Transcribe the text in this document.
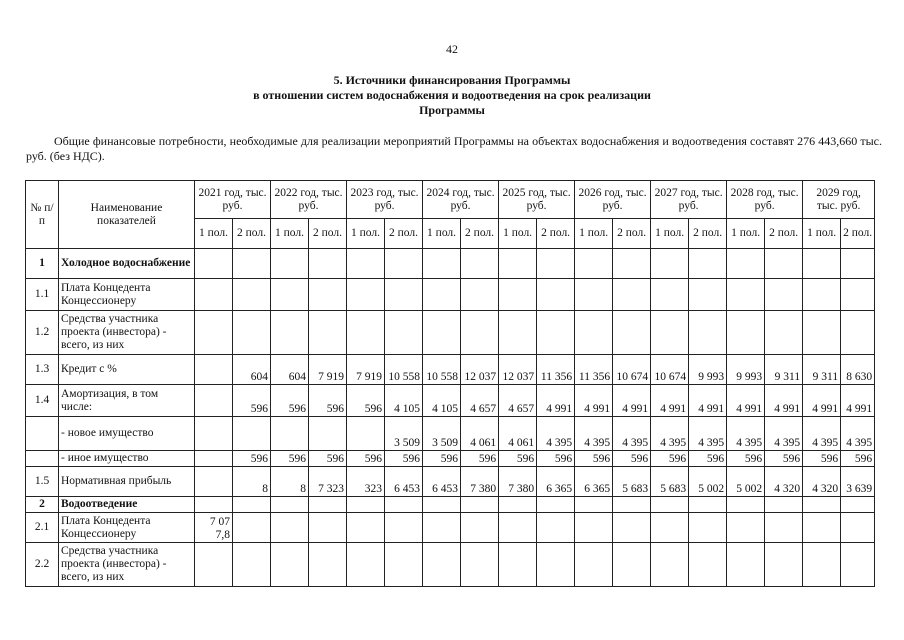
42
5. Источники финансирования Программы
в отношении систем водоснабжения и водоотведения на срок реализации
Программы
Общие финансовые потребности, необходимые для реализации мероприятий Программы на объектах водоснабжения и водоотведения составят 276 443,660 тыс. руб. (без НДС).
№ п/п	Наименование показателей	2021 год, тыс. руб.		2022 год, тыс. руб.		2023 год, тыс. руб.		2024 год, тыс. руб.		2025 год, тыс. руб.		2026 год, тыс. руб.		2027 год, тыс. руб.		2028 год, тыс. руб.		2029 год, тыс. руб.	
		1 пол.	2 пол.	1 пол.	2 пол.	1 пол.	2 пол.	1 пол.	2 пол.	1 пол.	2 пол.	1 пол.	2 пол.	1 пол.	2 пол.	1 пол.	2 пол.	1 пол.	2 пол.
1	Холодное водоснабжение																		
1.1	Плата Концедента Концессионеру																		
1.2	Средства участника проекта (инвестора) - всего, из них																		
1.3	Кредит с %		604	604	7 919	7 919	10 558	10 558	12 037	12 037	11 356	11 356	10 674	10 674	9 993	9 993	9 311	9 311	8 630
1.4	Амортизация, в том числе:		596	596	596	596	4 105	4 105	4 657	4 657	4 991	4 991	4 991	4 991	4 991	4 991	4 991	4 991	4 991
	- новое имущество						3 509	3 509	4 061	4 061	4 395	4 395	4 395	4 395	4 395	4 395	4 395	4 395	4 395
	- иное имущество		596	596	596	596	596	596	596	596	596	596	596	596	596	596	596	596	596
1.5	Нормативная прибыль		8	8	7 323	323	6 453	6 453	7 380	7 380	6 365	6 365	5 683	5 683	5 002	5 002	4 320	4 320	3 639
2	Водоотведение																		
2.1	Плата Концедента Концессионеру	7 07 7,8																	
2.2	Средства участника проекта (инвестора) - всего, из них																		
